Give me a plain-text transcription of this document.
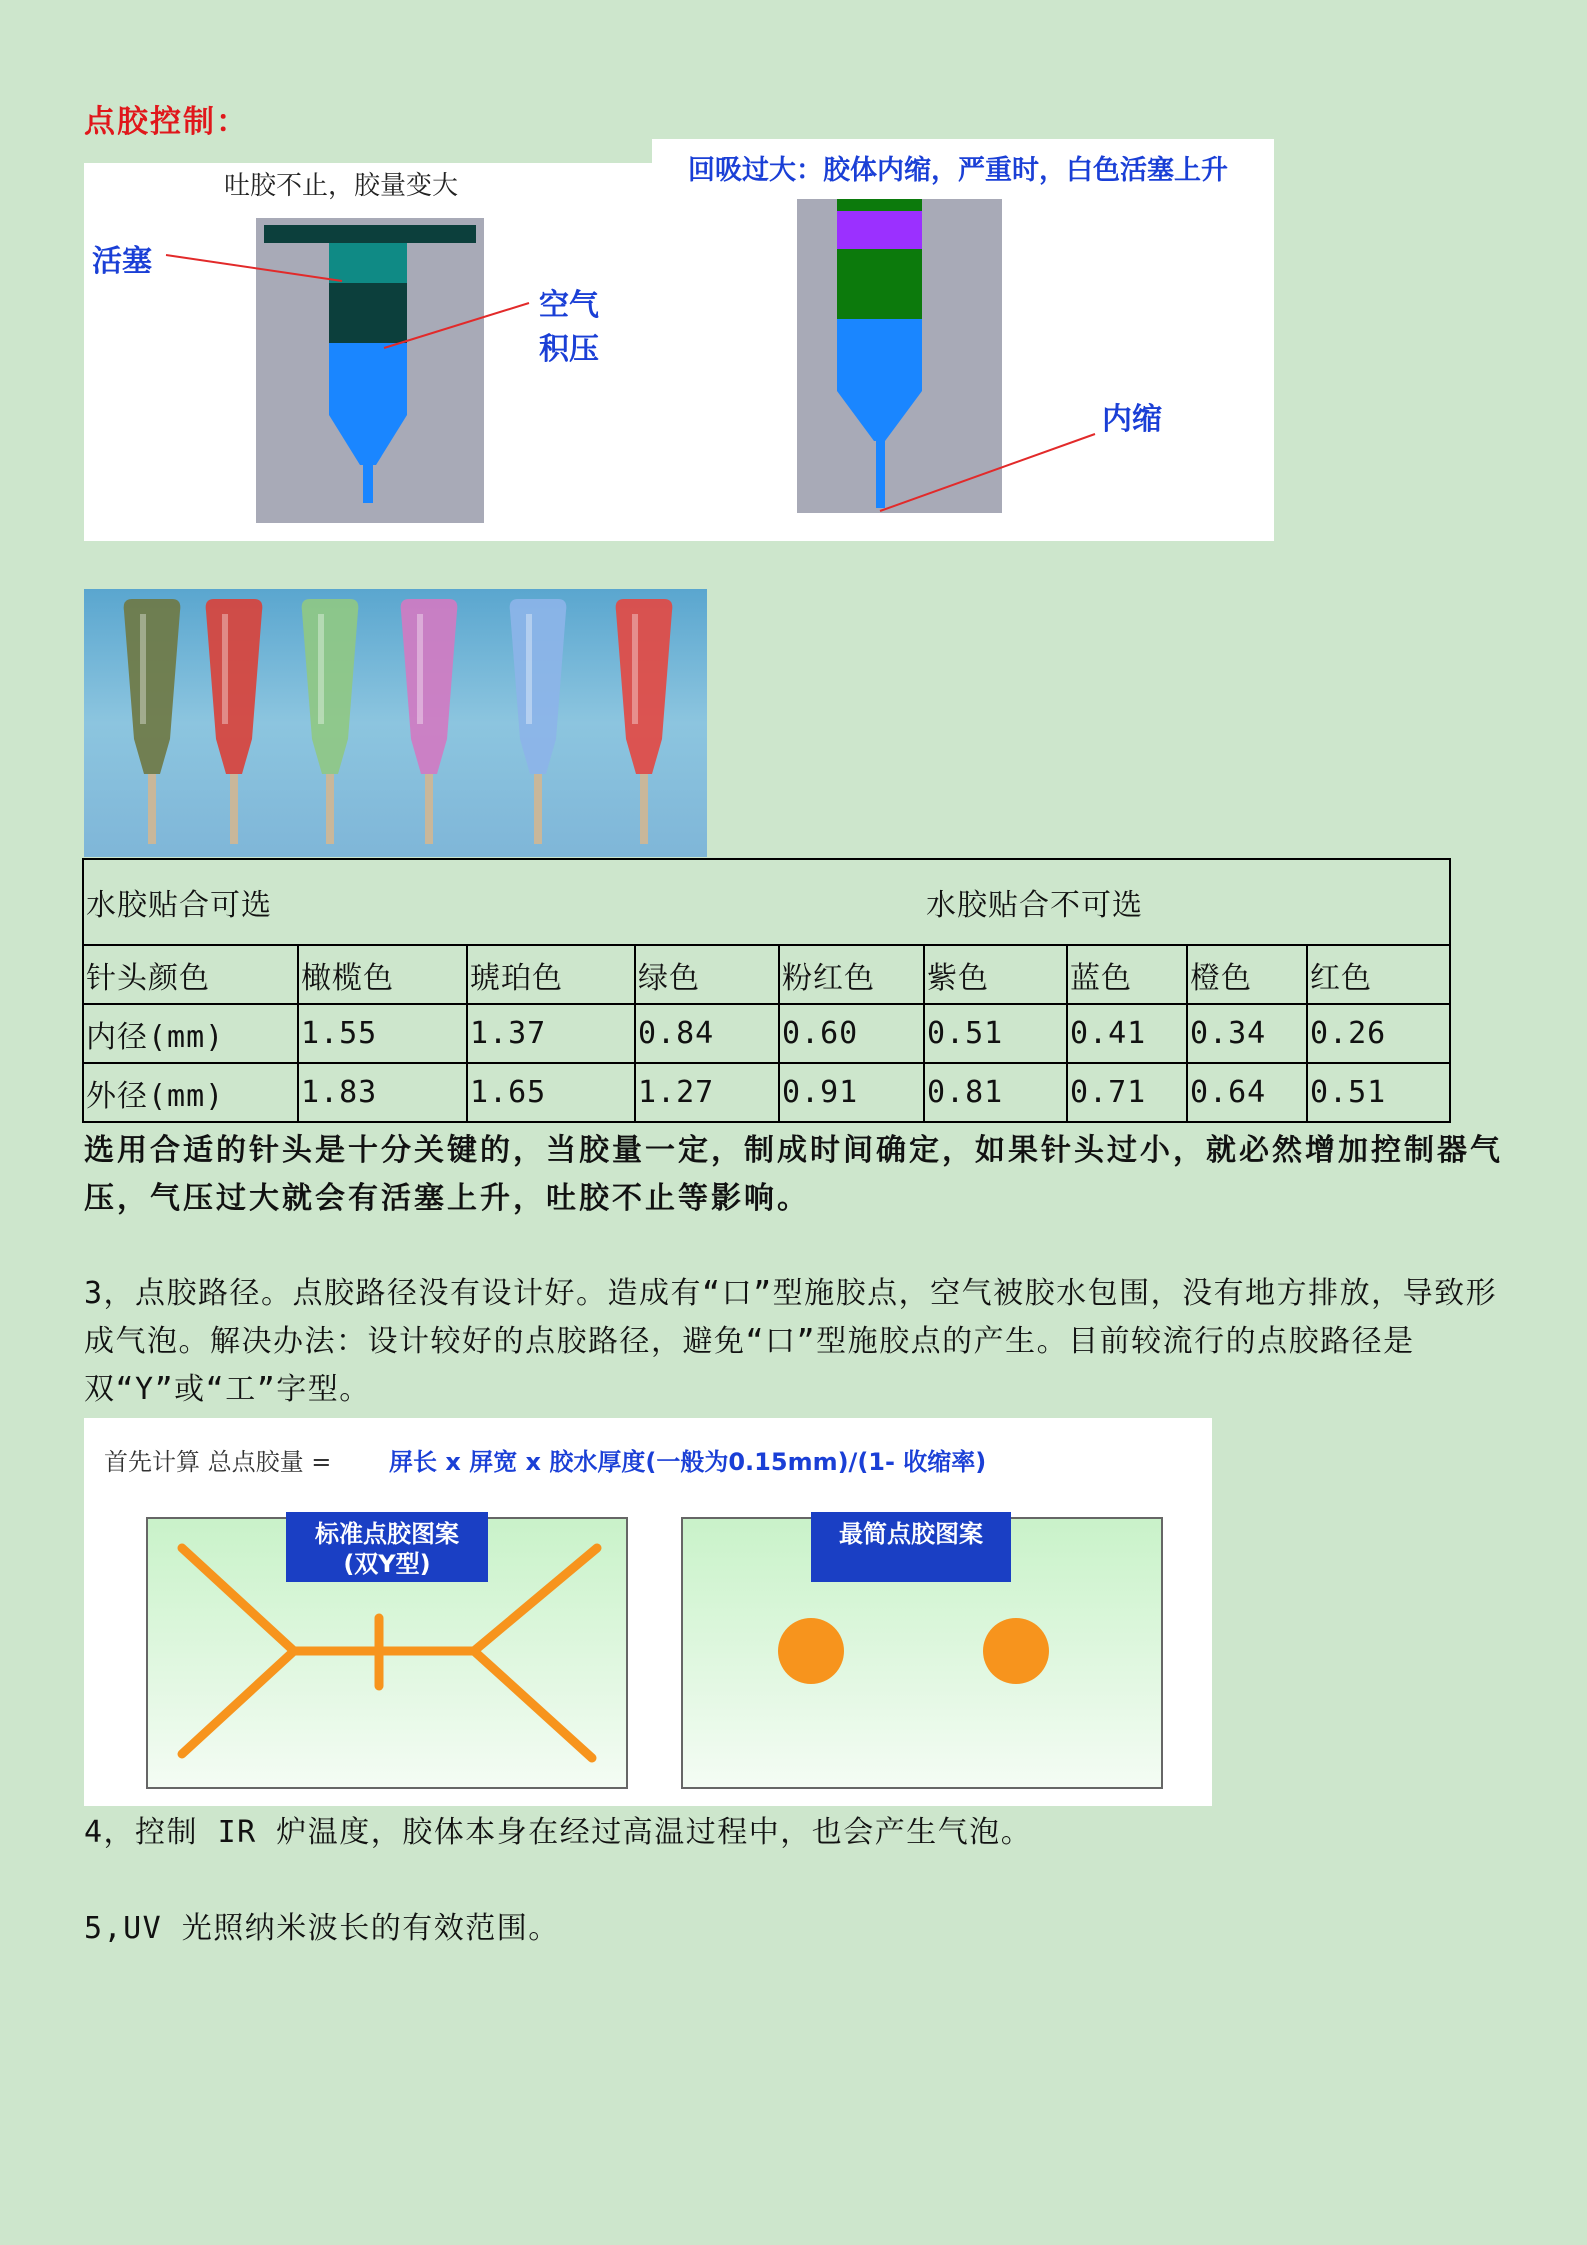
点胶控制：
吐胶不止，胶量变大
活塞
空气
积压
回吸过大：胶体内缩，严重时，白色活塞上升
内缩
水胶贴合可选					水胶贴合不可选			
针头颜色	橄榄色	琥珀色	绿色	粉红色	紫色	蓝色	橙色	红色
内径(mm)	1.55	1.37	0.84	0.60	0.51	0.41	0.34	0.26
外径(mm)	1.83	1.65	1.27	0.91	0.81	0.71	0.64	0.51
选用合适的针头是十分关键的，当胶量一定，制成时间确定，如果针头过小，就必然增加控制器气压，气压过大就会有活塞上升，吐胶不止等影响。
3，点胶路径。点胶路径没有设计好。造成有“口”型施胶点，空气被胶水包围，没有地方排放，导致形成气泡。解决办法：设计较好的点胶路径，避免“口”型施胶点的产生。目前较流行的点胶路径是双“Y”或“工”字型。
首先计算 总点胶量 = 屏长 x 屏宽 x 胶水厚度(一般为0.15mm)/(1- 收缩率)
标准点胶图案
(双Y型)
最简点胶图案
4，控制 IR 炉温度，胶体本身在经过高温过程中，也会产生气泡。
5,UV 光照纳米波长的有效范围。
